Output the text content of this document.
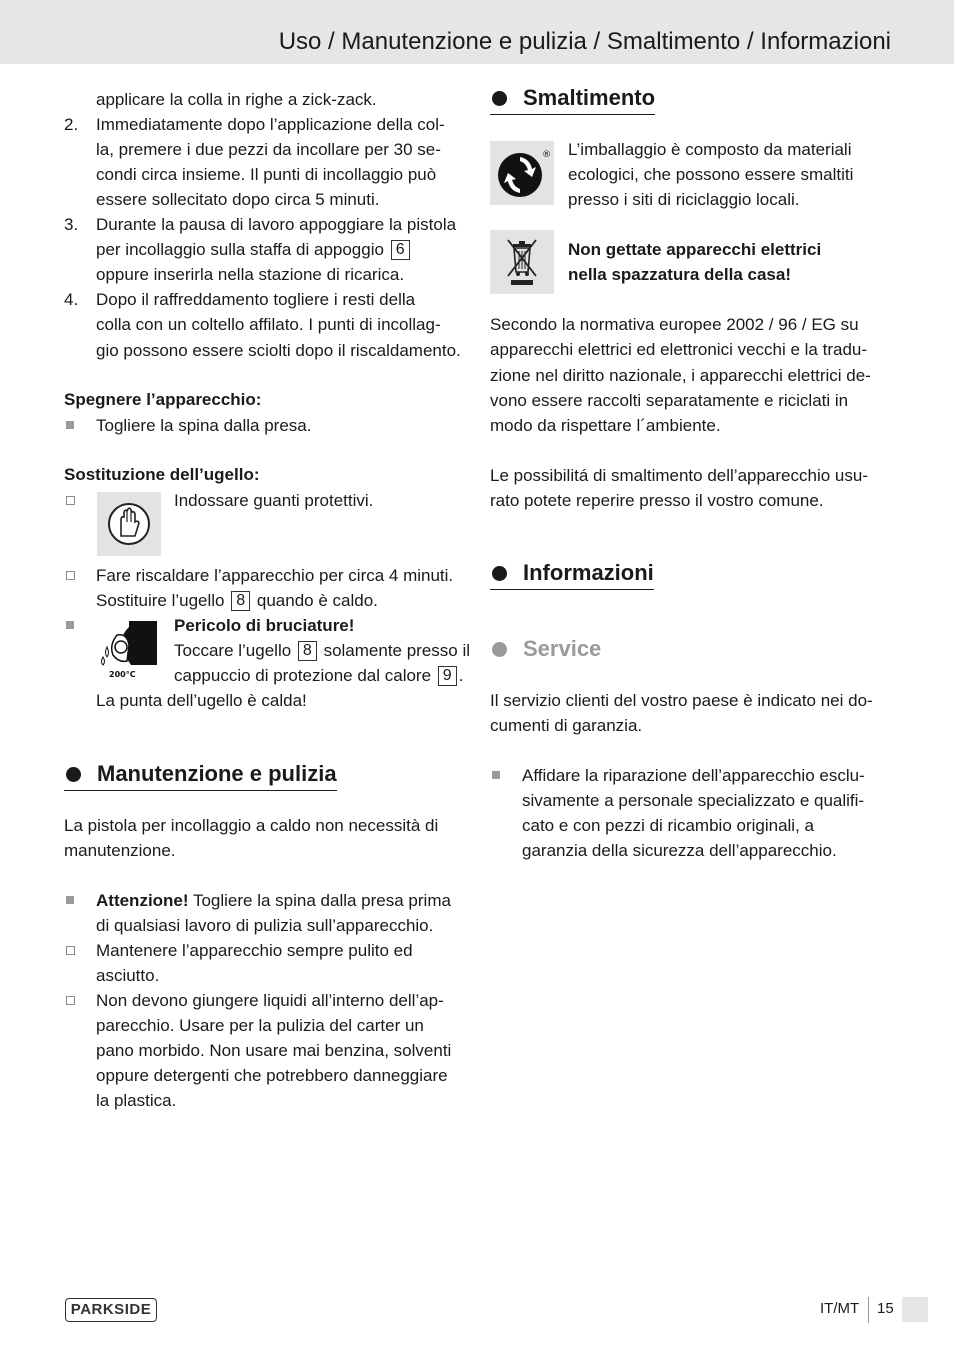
Uso / Manutenzione e pulizia / Smaltimento / Informazioni
applicare la colla in righe a zick-zack.
2. Immediatamente dopo l’applicazione della col-
la, premere i due pezzi da incollare per 30 se-
condi circa insieme. Il punti di incollaggio può
essere sollecitato dopo circa 5 minuti.
3. Durante la pausa di lavoro appoggiare la pistola
per incollaggio sulla staffa di appoggio 6
oppure inserirla nella stazione di ricarica.
4. Dopo il raffreddamento togliere i resti della
colla con un coltello affilato. I punti di incollag-
gio possono essere sciolti dopo il riscaldamento.
Spegnere l’apparecchio:
Togliere la spina dalla presa.
Sostituzione dell’ugello:
Indossare guanti protettivi.
Fare riscaldare l’apparecchio per circa 4 minuti.
Sostituire l’ugello 8 quando è caldo.
200°C
Pericolo di bruciature!
Toccare l’ugello 8 solamente presso il
cappuccio di protezione dal calore 9 .
La punta dell’ugello è calda!
Manutenzione e pulizia
La pistola per incollaggio a caldo non necessità di
manutenzione.
Attenzione! Togliere la spina dalla presa prima
di qualsiasi lavoro di pulizia sull’apparecchio.
Mantenere l’apparecchio sempre pulito ed
asciutto.
Non devono giungere liquidi all’interno dell’ap-
parecchio. Usare per la pulizia del carter un
pano morbido. Non usare mai benzina, solventi
oppure detergenti che potrebbero danneggiare
la plastica.
Smaltimento
® L’imballaggio è composto da materiali
ecologici, che possono essere smaltiti
presso i siti di riciclaggio locali.
Non gettate apparecchi elettrici
nella spazzatura della casa!
Secondo la normativa europee 2002 / 96 / EG su
apparecchi elettrici ed elettronici vecchi e la tradu-
zione nel diritto nazionale, i apparecchi elettrici de-
vono essere raccolti separatamente e riciclati in
modo da rispettare l´ambiente.
Le possibilitá di smaltimento dell’apparecchio usu-
rato potete reperire presso il vostro comune.
Informazioni
Service
Il servizio clienti del vostro paese è indicato nei do-
cumenti di garanzia.
Affidare la riparazione dell’apparecchio esclu-
sivamente a personale specializzato e qualifi-
cato e con pezzi di ricambio originali, a
garanzia della sicurezza dell’apparecchio.
PARKSIDE	IT/MT 15
